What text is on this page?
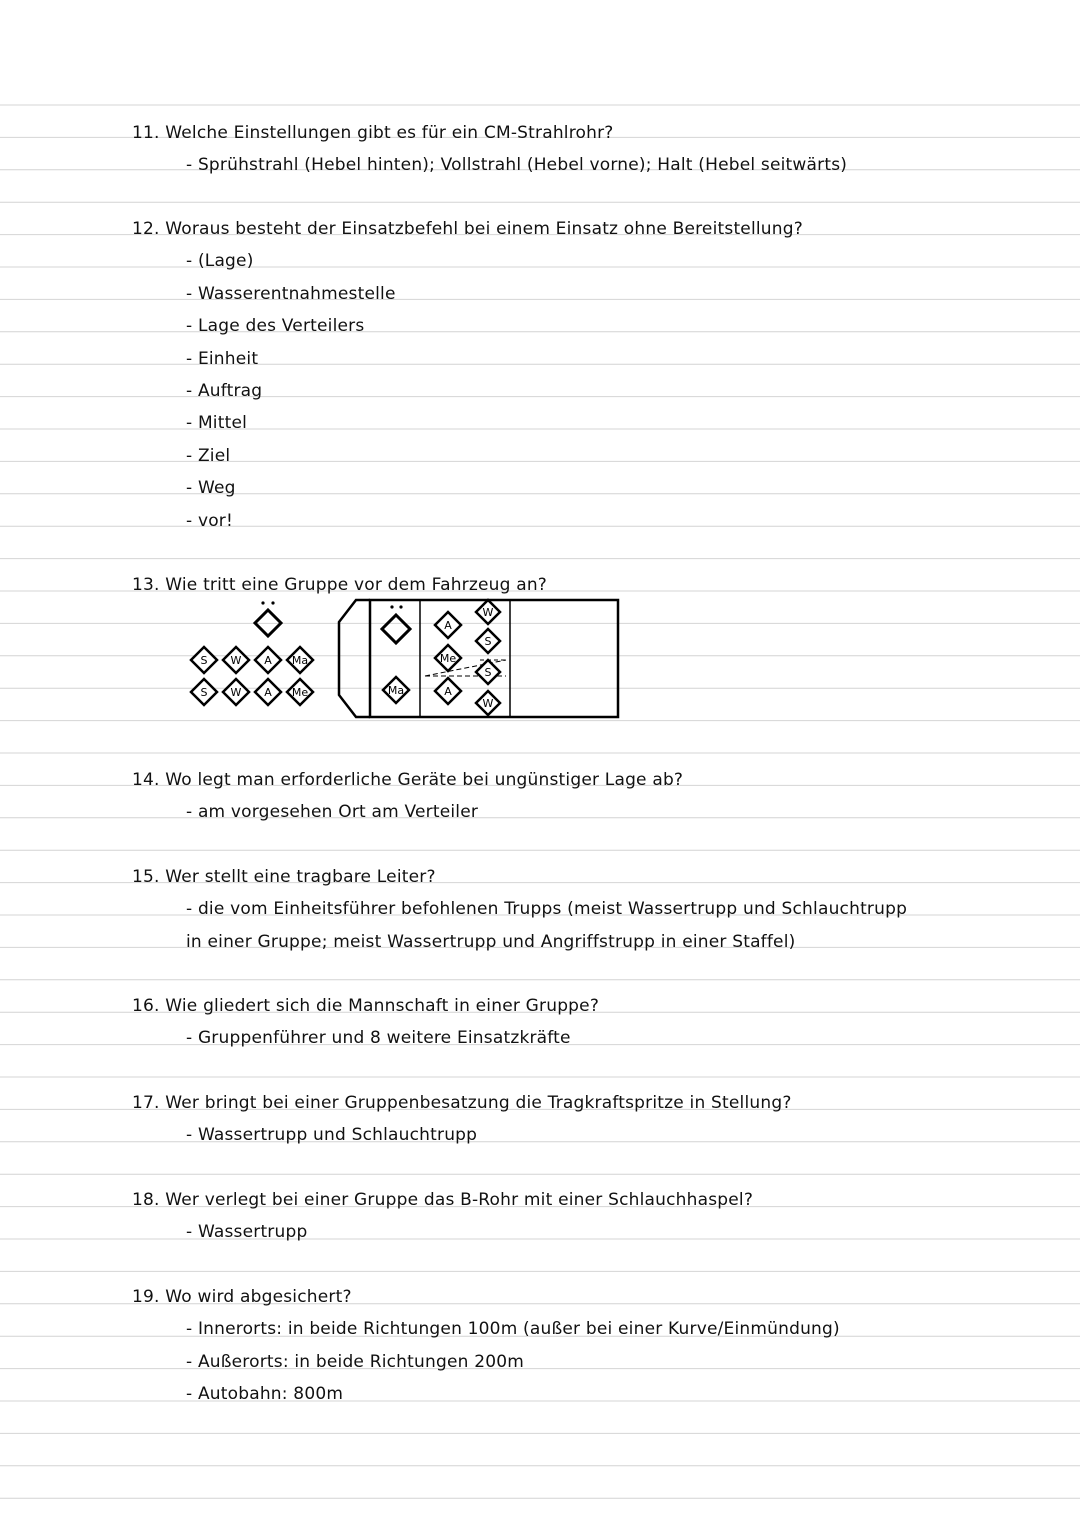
11. Welche Einstellungen gibt es für ein CM-Strahlrohr?
- Sprühstrahl (Hebel hinten); Vollstrahl (Hebel vorne); Halt (Hebel seitwärts)
12. Woraus besteht der Einsatzbefehl bei einem Einsatz ohne Bereitstellung?
- (Lage)
- Wasserentnahmestelle
- Lage des Verteilers
- Einheit
- Auftrag
- Mittel
- Ziel
- Weg
- vor!
13. Wie tritt eine Gruppe vor dem Fahrzeug an?
14. Wo legt man erforderliche Geräte bei ungünstiger Lage ab?
- am vorgesehen Ort am Verteiler
15. Wer stellt eine tragbare Leiter?
- die vom Einheitsführer befohlenen Trupps (meist Wassertrupp und Schlauchtrupp
in einer Gruppe; meist Wassertrupp und Angriffstrupp in einer Staffel)
16. Wie gliedert sich die Mannschaft in einer Gruppe?
- Gruppenführer und 8 weitere Einsatzkräfte
17. Wer bringt bei einer Gruppenbesatzung die Tragkraftspritze in Stellung?
- Wassertrupp und Schlauchtrupp
18. Wer verlegt bei einer Gruppe das B-Rohr mit einer Schlauchhaspel?
- Wassertrupp
19. Wo wird abgesichert?
- Innerorts: in beide Richtungen 100m (außer bei einer Kurve/Einmündung)
- Außerorts: in beide Richtungen 200m
- Autobahn: 800m
S W A Ma
S W A Me	Ma
A
Me
A
W
S
S
W
